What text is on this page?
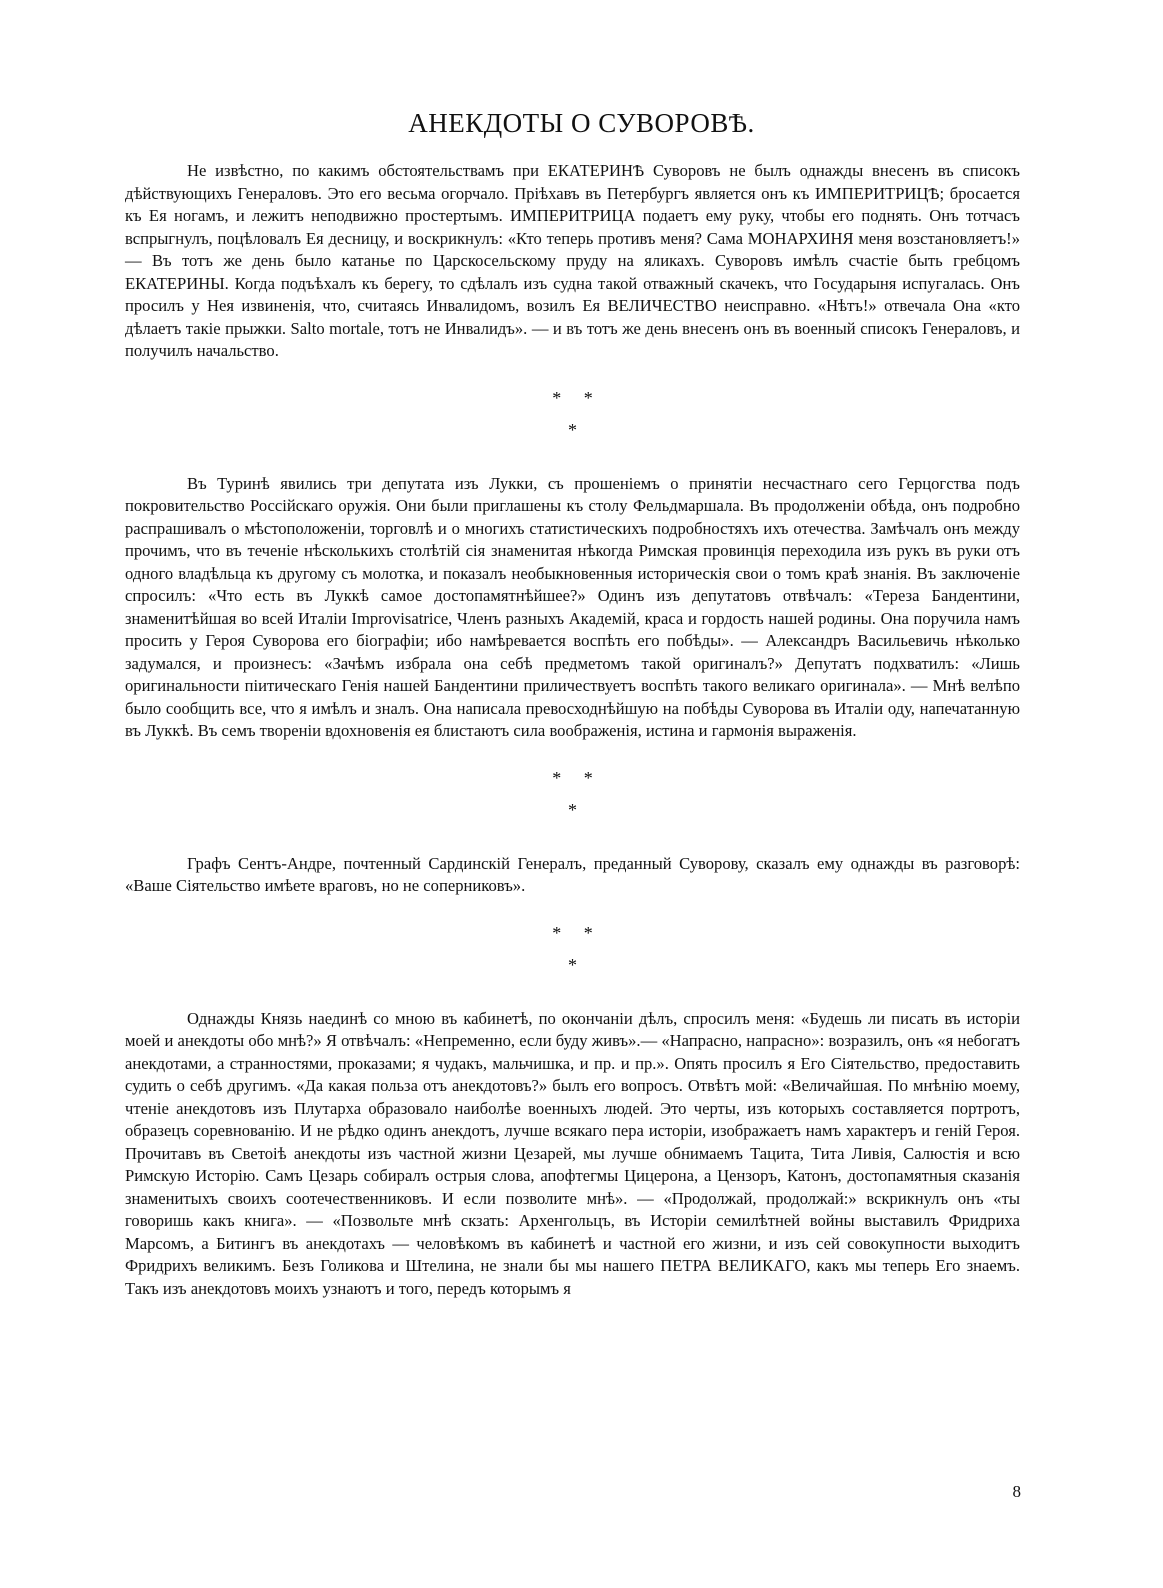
АНЕКДОТЫ О СУВОРОВѢ.

Не извѣстно, по какимъ обстоятельствамъ при ЕКАТЕРИНѢ Суворовъ не былъ однажды внесенъ въ списокъ дѣйствующихъ Генераловъ. Это его весьма огорчало. Пріѣхавъ въ Петербургъ является онъ къ ИМПЕРИТРИЦѢ; бросается къ Ея ногамъ, и лежитъ неподвижно простертымъ. ИМПЕРИТРИЦА подаетъ ему руку, чтобы его поднять. Онъ тотчасъ вспрыгнулъ, поцѣловалъ Ея десницу, и воскрикнулъ: «Кто теперь противъ меня? Сама МОНАРХИНЯ меня возстановляетъ!» — Въ тотъ же день было катанье по Царскосельскому пруду на яликахъ. Суворовъ имѣлъ счастіе быть гребцомъ ЕКАТЕРИНЫ. Когда подъѣхалъ къ берегу, то сдѣлалъ изъ судна такой отважный скачекъ, что Государыня испугалась. Онъ просилъ у Нея извиненія, что, считаясь Инвалидомъ, возилъ Ея ВЕЛИЧЕСТВО неисправно. «Нѣтъ!» отвечала Она «кто дѣлаетъ такіе прыжки. Salto mortale, тотъ не Инвалидъ». — и въ тотъ же день внесенъ онъ въ военный списокъ Генераловъ, и получилъ начальство.

* *
*

Въ Туринѣ явились три депутата изъ Лукки, съ прошеніемъ о принятіи несчастнаго сего Герцогства подъ покровительство Россійскаго оружія. Они были приглашены къ столу Фельдмаршала. Въ продолженіи обѣда, онъ подробно распрашивалъ о мѣстоположеніи, торговлѣ и о многихъ статистическихъ подробностяхъ ихъ отечества. Замѣчалъ онъ между прочимъ, что въ теченіе нѣсколькихъ столѣтій сія знаменитая нѣкогда Римская провинція переходила изъ рукъ въ руки отъ одного владѣльца къ другому съ молотка, и показалъ необыкновенныя историческія свои о томъ краѣ знанія. Въ заключеніе спросилъ: «Что есть въ Луккѣ самое достопамятнѣйшее?» Одинъ изъ депутатовъ отвѣчалъ: «Тереза Бандентини, знаменитѣйшая во всей Италіи Improvisatrice, Членъ разныхъ Академій, краса и гордость нашей родины. Она поручила намъ просить у Героя Суворова его біографіи; ибо намѣревается воспѣть его побѣды». — Александръ Васильевичь нѣколько задумался, и произнесъ: «Зачѣмъ избрала она себѣ предметомъ такой оригиналъ?» Депутатъ подхватилъ: «Лишь оригинальности піитическаго Генія нашей Бандентини приличествуетъ воспѣть такого великаго оригинала». — Мнѣ велѣпо было сообщить все, что я имѣлъ и зналъ. Она написала превосходнѣйшую на побѣды Суворова въ Италіи оду, напечатанную въ Луккѣ. Въ семъ твореніи вдохновенія ея блистаютъ сила воображенія, истина и гармонія выраженія.

* *
*

Графъ Сентъ-Андре, почтенный Сардинскій Генералъ, преданный Суворову, сказалъ ему однажды въ разговорѣ: «Ваше Сіятельство имѣете враговъ, но не соперниковъ».

* *
*

Однажды Князь наединѣ со мною въ кабинетѣ, по окончаніи дѣлъ, спросилъ меня: «Будешь ли писать въ исторіи моей и анекдоты обо мнѣ?» Я отвѣчалъ: «Непременно, если буду живъ».— «Напрасно, напрасно»: возразилъ, онъ «я небогатъ анекдотами, а странностями, проказами; я чудакъ, мальчишка, и пр. и пр.». Опять просилъ я Его Сіятельство, предоставить судить о себѣ другимъ. «Да какая польза отъ анекдотовъ?» былъ его вопросъ. Отвѣтъ мой: «Величайшая. По мнѣнію моему, чтеніе анекдотовъ изъ Плутарха образовало наиболѣе военныхъ людей. Это черты, изъ которыхъ составляется портротъ, образецъ соревнованію. И не рѣдко одинъ анекдотъ, лучше всякаго пера исторіи, изображаетъ намъ характеръ и геній Героя. Прочитавъ въ Светоіѣ анекдоты изъ частной жизни Цезарей, мы лучше обнимаемъ Тацита, Тита Ливія, Салюстія и всю Римскую Исторію. Самъ Цезарь собиралъ острыя слова, апофтегмы Цицерона, а Цензоръ, Катонъ, достопамятныя сказанія знаменитыхъ своихъ соотечественниковъ. И если позволите мнѣ». — «Продолжай, продолжай:» вскрикнулъ онъ «ты говоришь какъ книга». — «Позвольте мнѣ скзать: Архенгольцъ, въ Исторіи семилѣтней войны выставилъ Фридриха Марсомъ, а Битингъ въ анекдотахъ — человѣкомъ въ кабинетѣ и частной его жизни, и изъ сей совокупности выходитъ Фридрихъ великимъ. Безъ Голикова и Штелина, не знали бы мы нашего ПЕТРА ВЕЛИКАГО, какъ мы теперь Его знаемъ. Такъ изъ анекдотовъ моихъ узнаютъ и того, передъ которымъ я

8
